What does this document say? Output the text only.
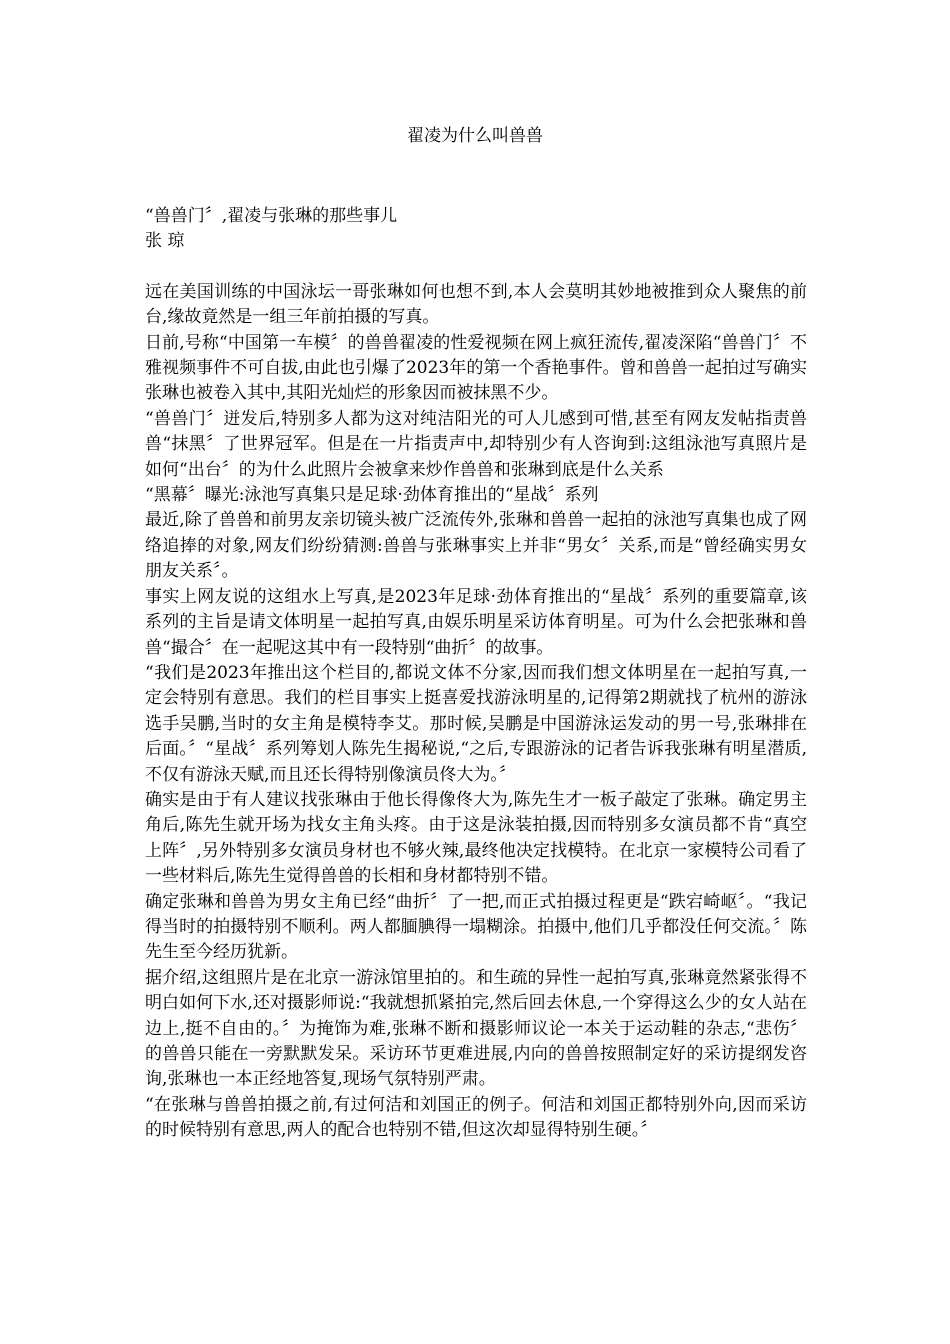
翟凌为什么叫兽兽

“兽兽门〞,翟凌与张琳的那些事儿

张 琼

远在美国训练的中国泳坛一哥张琳如何也想不到,本人会莫明其妙地被推到众人聚焦的前台,缘故竟然是一组三年前拍摄的写真。

日前,号称“中国第一车模〞的兽兽翟凌的性爱视频在网上疯狂流传,翟凌深陷“兽兽门〞不雅视频事件不可自拔,由此也引爆了2023年的第一个香艳事件。曾和兽兽一起拍过写确实张琳也被卷入其中,其阳光灿烂的形象因而被抹黑不少。

“兽兽门〞迸发后,特别多人都为这对纯洁阳光的可人儿感到可惜,甚至有网友发帖指责兽兽“抹黑〞了世界冠军。但是在一片指责声中,却特别少有人咨询到:这组泳池写真照片是如何“出台〞的为什么此照片会被拿来炒作兽兽和张琳到底是什么关系

“黑幕〞曝光:泳池写真集只是足球·劲体育推出的“星战〞系列

最近,除了兽兽和前男友亲切镜头被广泛流传外,张琳和兽兽一起拍的泳池写真集也成了网络追捧的对象,网友们纷纷猜测:兽兽与张琳事实上并非“男女〞关系,而是“曾经确实男女朋友关系〞。

事实上网友说的这组水上写真,是2023年足球·劲体育推出的“星战〞系列的重要篇章,该系列的主旨是请文体明星一起拍写真,由娱乐明星采访体育明星。可为什么会把张琳和兽兽“撮合〞在一起呢这其中有一段特别“曲折〞的故事。

“我们是2023年推出这个栏目的,都说文体不分家,因而我们想文体明星在一起拍写真,一定会特别有意思。我们的栏目事实上挺喜爱找游泳明星的,记得第2期就找了杭州的游泳选手吴鹏,当时的女主角是模特李艾。那时候,吴鹏是中国游泳运发动的男一号,张琳排在后面。〞“星战〞系列筹划人陈先生揭秘说,“之后,专跟游泳的记者告诉我张琳有明星潜质,不仅有游泳天赋,而且还长得特别像演员佟大为。〞

确实是由于有人建议找张琳由于他长得像佟大为,陈先生才一板子敲定了张琳。确定男主角后,陈先生就开场为找女主角头疼。由于这是泳装拍摄,因而特别多女演员都不肯“真空上阵〞,另外特别多女演员身材也不够火辣,最终他决定找模特。在北京一家模特公司看了一些材料后,陈先生觉得兽兽的长相和身材都特别不错。

确定张琳和兽兽为男女主角已经“曲折〞了一把,而正式拍摄过程更是“跌宕崎岖〞。“我记得当时的拍摄特别不顺利。两人都腼腆得一塌糊涂。拍摄中,他们几乎都没任何交流。〞陈先生至今经历犹新。

据介绍,这组照片是在北京一游泳馆里拍的。和生疏的异性一起拍写真,张琳竟然紧张得不明白如何下水,还对摄影师说:“我就想抓紧拍完,然后回去休息,一个穿得这么少的女人站在边上,挺不自由的。〞为掩饰为难,张琳不断和摄影师议论一本关于运动鞋的杂志,“悲伤〞的兽兽只能在一旁默默发呆。采访环节更难进展,内向的兽兽按照制定好的采访提纲发咨询,张琳也一本正经地答复,现场气氛特别严肃。

“在张琳与兽兽拍摄之前,有过何洁和刘国正的例子。何洁和刘国正都特别外向,因而采访的时候特别有意思,两人的配合也特别不错,但这次却显得特别生硬。〞
